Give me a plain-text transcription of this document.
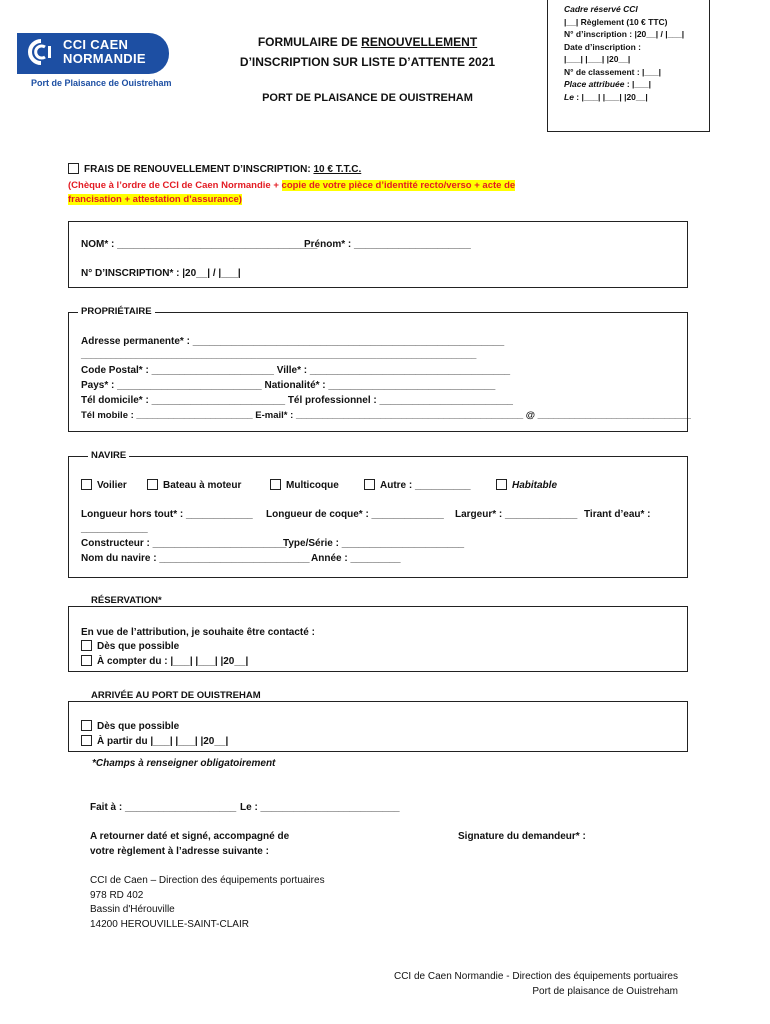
CCI CAEN
NORMANDIE
Port de Plaisance de Ouistreham
FORMULAIRE DE RENOUVELLEMENT
D’INSCRIPTION SUR LISTE D’ATTENTE 2021
PORT DE PLAISANCE DE OUISTREHAM
Cadre réservé CCI
|__| Règlement (10 € TTC)
N° d’inscription : |20__| / |___|
Date d’inscription :
|___| |___| |20__|
N° de classement : |___|
Place attribuée : |___|
Le : |___| |___| |20__|
FRAIS DE RENOUVELLEMENT D’INSCRIPTION: 10 € T.T.C.
(Chèque à l’ordre de CCI de Caen Normandie + copie de votre pièce d’identité recto/verso + acte de
francisation + attestation d’assurance)
NOM* : ____________________________________
Prénom* : _____________________
N° D’INSCRIPTION* : |20__| / |___|
PROPRIÉTAIRE
Adresse permanente* : ________________________________________________________
_______________________________________________________________________________
Code Postal* : ______________________ Ville* : ____________________________________
Pays* : __________________________ Nationalité* : ______________________________
Tél domicile* : ________________________ Tél professionnel : ________________________
Tél mobile : ______________________ E-mail* : ___________________________________________ @ _____________________________
NAVIRE
Voilier	Bateau à moteur	Multicoque	Autre : __________	Habitable
Longueur hors tout* : ____________ Longueur de coque* : _____________ Largeur* : _____________ Tirant d’eau* :
____________
Constructeur : ________________________
Type/Série : ______________________
Nom du navire : ___________________________ Année : _________
RÉSERVATION*
En vue de l’attribution, je souhaite être contacté :
Dès que possible
À compter du : |___| |___| |20__|
ARRIVÉE AU PORT DE OUISTREHAM
Dès que possible
À partir du |___| |___| |20__|
*Champs à renseigner obligatoirement
Fait à : ____________________ Le : _________________________
A retourner daté et signé, accompagné de
votre règlement à l’adresse suivante :
Signature du demandeur* :
CCI de Caen – Direction des équipements portuaires
978 RD 402
Bassin d'Hérouville
14200 HEROUVILLE-SAINT-CLAIR
CCI de Caen Normandie - Direction des équipements portuaires
Port de plaisance de Ouistreham
